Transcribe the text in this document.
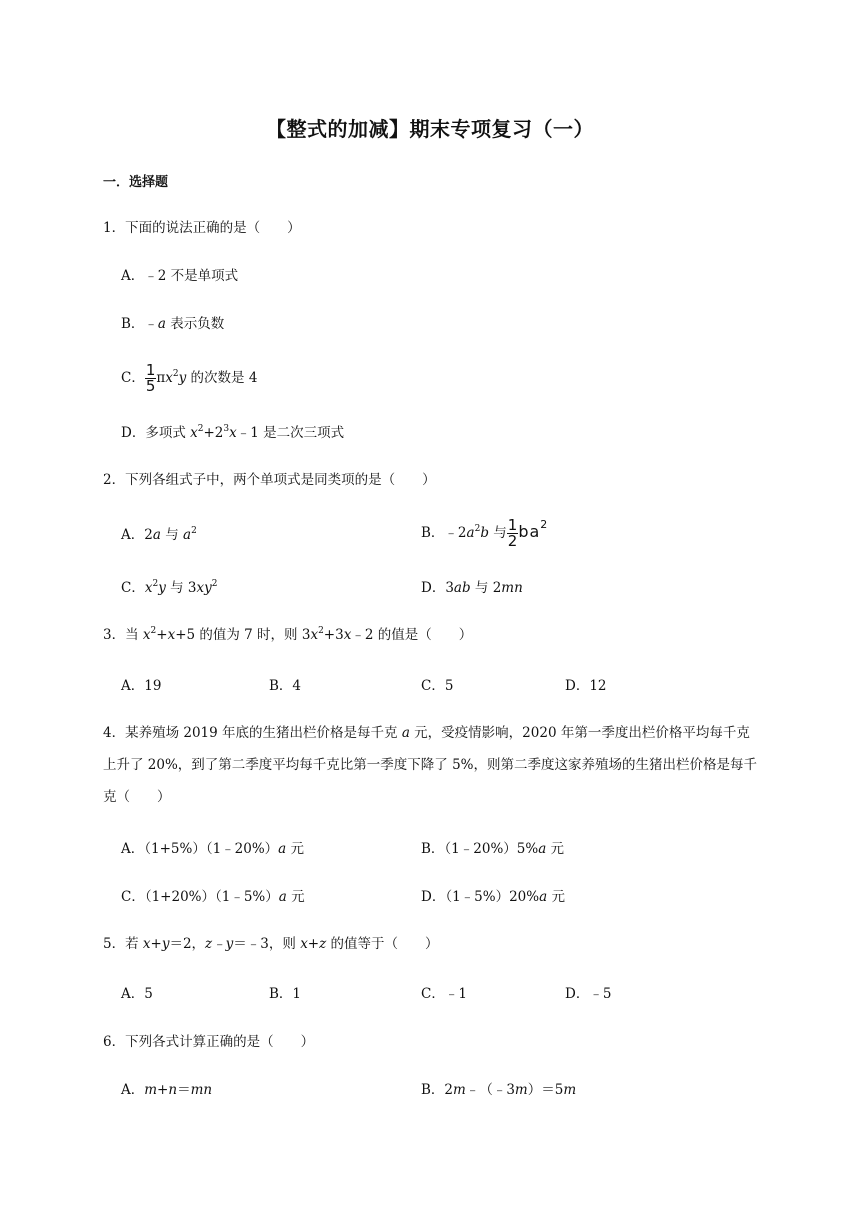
【整式的加减】期末专项复习（一）
一．选择题
1．下面的说法正确的是（　　）
A．﹣2 不是单项式
B．﹣a 表示负数
C． $\frac{1}{5} \pi x^2y$ 的次数是 4
D．多项式 $x^2+2^3x﹣1$ 是二次三项式
2．下列各组式子中，两个单项式是同类项的是（　　）
A．2a 与 $a^2$	B．$﹣2a^2b$ 与 $\frac{1}{2} ba^2$
C．$x^2y$ 与 $3xy^2$	D．3ab 与 2mn
3．当 $x^2+x+5$ 的值为 7 时，则 $3x^2+3x﹣2$ 的值是（　　）
A．19	B．4	C．5	D．12
4．某养殖场 2019 年底的生猪出栏价格是每千克 a 元，受疫情影响，2020 年第一季度出栏价格平均每千克上升了 20%，到了第二季度平均每千克比第一季度下降了 5%，则第二季度这家养殖场的生猪出栏价格是每千克（　　）
A．（1+5%）（1﹣20%）a 元	B．（1﹣20%）5%a 元
C．（1+20%）（1﹣5%）a 元	D．（1﹣5%）20%a 元
5．若 x+y＝2，z﹣y＝﹣3，则 x+z 的值等于（　　）
A．5	B．1	C．﹣1	D．﹣5
6．下列各式计算正确的是（　　）
A．m+n＝mn	B．2m﹣（﹣3m）＝5m
